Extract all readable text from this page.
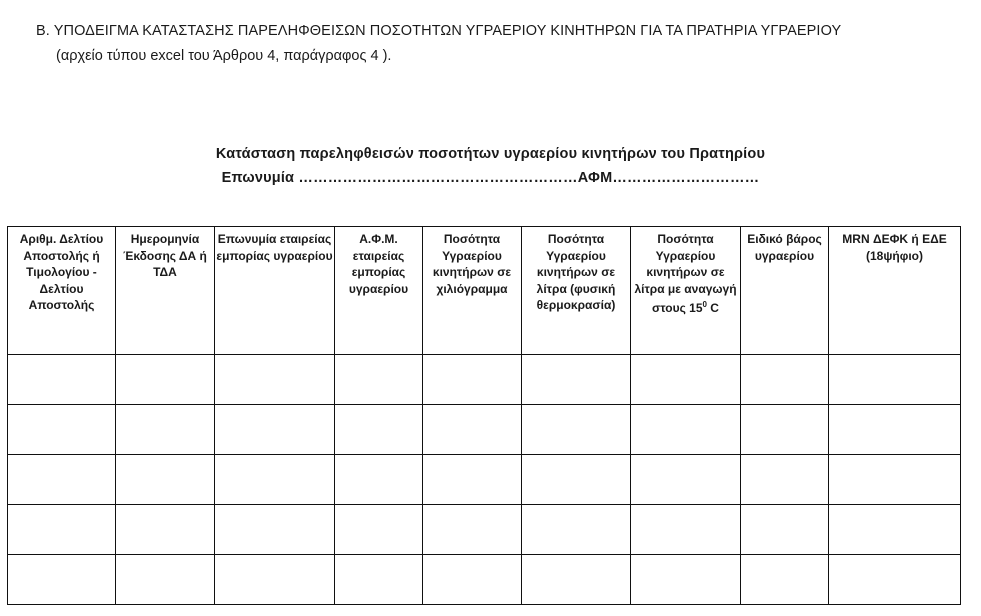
Β. ΥΠΟΔΕΙΓΜΑ ΚΑΤΑΣΤΑΣΗΣ ΠΑΡΕΛΗΦΘΕΙΣΩΝ ΠΟΣΟΤΗΤΩΝ ΥΓΡΑΕΡΙΟΥ ΚΙΝΗΤΗΡΩΝ ΓΙΑ ΤΑ ΠΡΑΤΗΡΙΑ ΥΓΡΑΕΡΙΟΥ
(αρχείο τύπου excel του Άρθρου 4, παράγραφος 4 ).
Κατάσταση παρεληφθεισών ποσοτήτων υγραερίου κινητήρων του Πρατηρίου
Επωνυμία …………………………………………………ΑΦΜ…………………………
Αριθμ. Δελτίου Αποστολής ή Τιμολογίου - Δελτίου Αποστολής	Ημερομηνία Έκδοσης ΔΑ ή ΤΔΑ	Επωνυμία εταιρείας εμπορίας υγραερίου	Α.Φ.Μ. εταιρείας εμπορίας υγραερίου	Ποσότητα Υγραερίου κινητήρων σε χιλιόγραμμα	Ποσότητα Υγραερίου κινητήρων σε λίτρα (φυσική θερμοκρασία)	Ποσότητα Υγραερίου κινητήρων σε λίτρα με αναγωγή στους $15^0$ C	Ειδικό βάρος υγραερίου	MRN ΔΕΦΚ ή ΕΔΕ (18ψήφιο)
